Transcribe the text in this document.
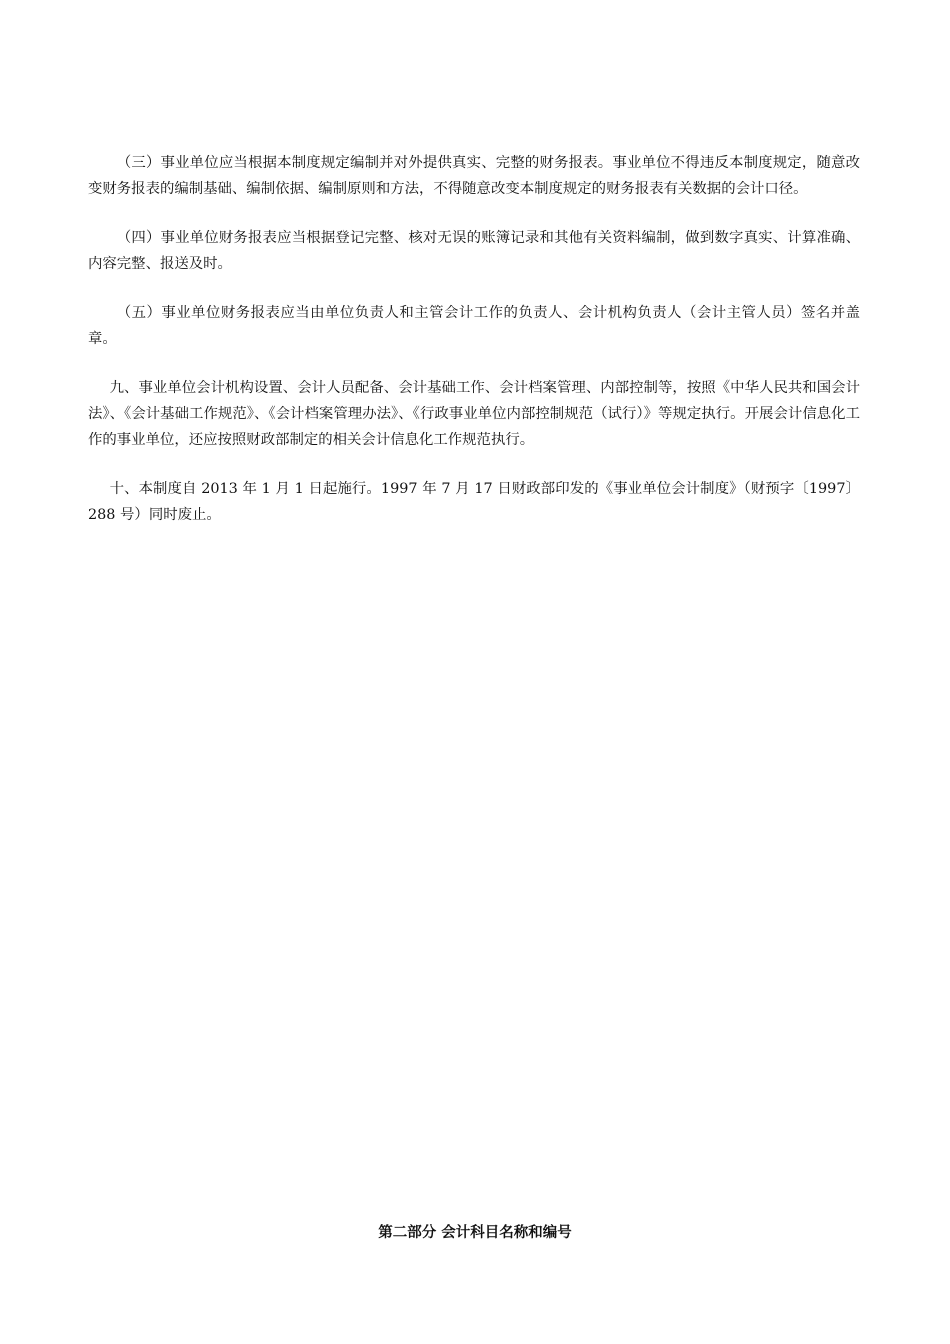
（三）事业单位应当根据本制度规定编制并对外提供真实、完整的财务报表。事业单位不得违反本制度规定，随意改变财务报表的编制基础、编制依据、编制原则和方法，不得随意改变本制度规定的财务报表有关数据的会计口径。

（四）事业单位财务报表应当根据登记完整、核对无误的账簿记录和其他有关资料编制，做到数字真实、计算准确、内容完整、报送及时。

（五）事业单位财务报表应当由单位负责人和主管会计工作的负责人、会计机构负责人（会计主管人员）签名并盖章。

九、事业单位会计机构设置、会计人员配备、会计基础工作、会计档案管理、内部控制等，按照《中华人民共和国会计法》、《会计基础工作规范》、《会计档案管理办法》、《行政事业单位内部控制规范（试行）》等规定执行。开展会计信息化工作的事业单位，还应按照财政部制定的相关会计信息化工作规范执行。

十、本制度自 2013 年 1 月 1 日起施行。1997 年 7 月 17 日财政部印发的《事业单位会计制度》（财预字〔1997〕288 号）同时废止。

第二部分 会计科目名称和编号
